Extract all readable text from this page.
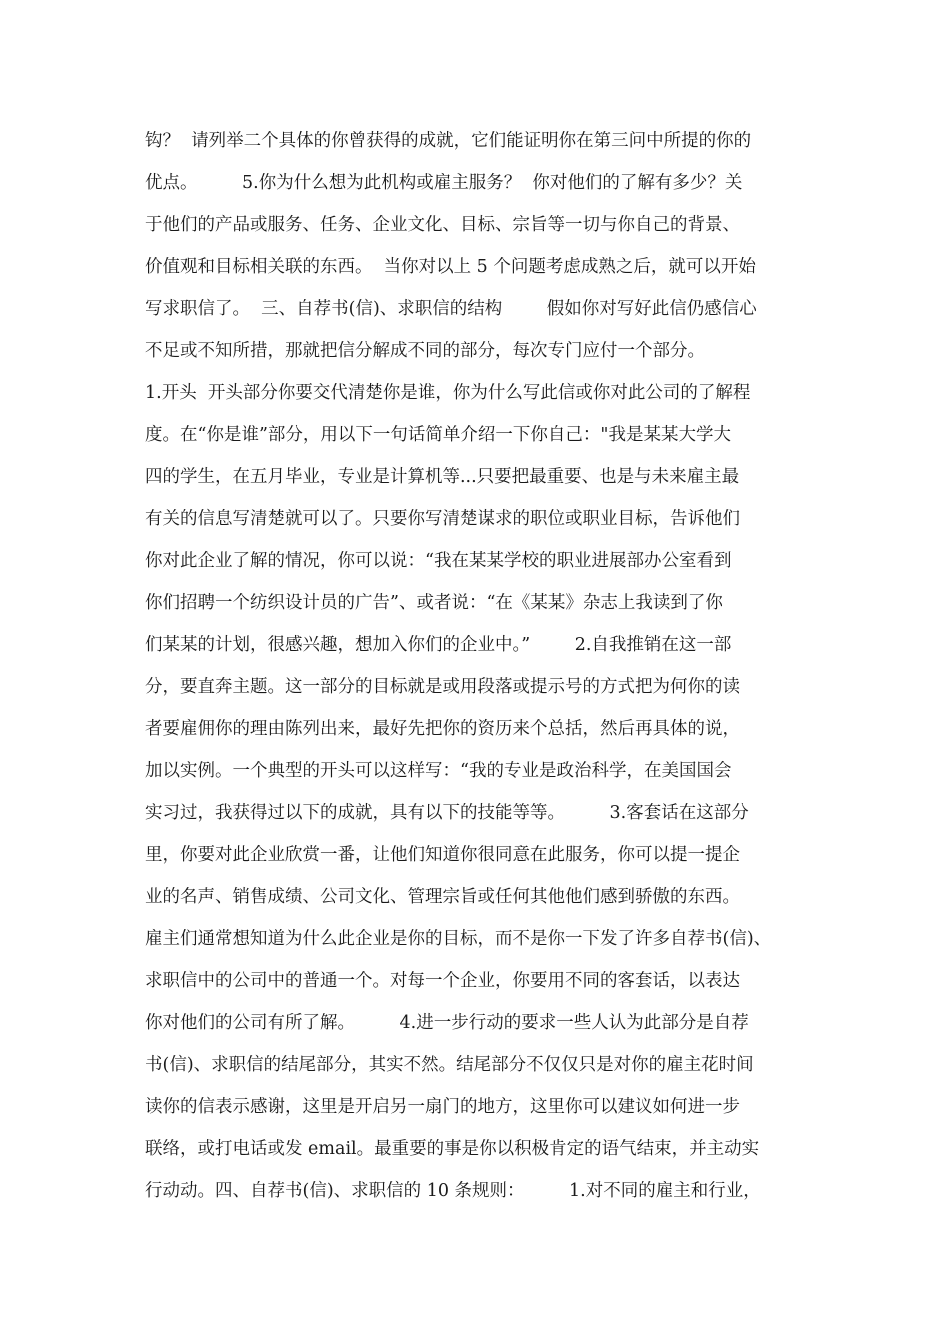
钩？  请列举二个具体的你曾获得的成就，它们能证明你在第三问中所提的你的
优点。        5.你为什么想为此机构或雇主服务？  你对他们的了解有多少？关
于他们的产品或服务、任务、企业文化、目标、宗旨等一切与你自己的背景、
价值观和目标相关联的东西。  当你对以上 5 个问题考虑成熟之后，就可以开始
写求职信了。  三、自荐书(信)、求职信的结构        假如你对写好此信仍感信心
不足或不知所措，那就把信分解成不同的部分，每次专门应付一个部分。
1.开头  开头部分你要交代清楚你是谁，你为什么写此信或你对此公司的了解程
度。在“你是谁”部分，用以下一句话简单介绍一下你自己："我是某某大学大
四的学生，在五月毕业，专业是计算机等...只要把最重要、也是与未来雇主最
有关的信息写清楚就可以了。只要你写清楚谋求的职位或职业目标，告诉他们
你对此企业了解的情况，你可以说：“我在某某学校的职业进展部办公室看到
你们招聘一个纺织设计员的广告”、或者说：“在《某某》杂志上我读到了你
们某某的计划，很感兴趣，想加入你们的企业中。”        2.自我推销在这一部
分，要直奔主题。这一部分的目标就是或用段落或提示号的方式把为何你的读
者要雇佣你的理由陈列出来，最好先把你的资历来个总括，然后再具体的说，
加以实例。一个典型的开头可以这样写：“我的专业是政治科学，在美国国会
实习过，我获得过以下的成就，具有以下的技能等等。        3.客套话在这部分
里，你要对此企业欣赏一番，让他们知道你很同意在此服务，你可以提一提企
业的名声、销售成绩、公司文化、管理宗旨或任何其他他们感到骄傲的东西。
雇主们通常想知道为什么此企业是你的目标，而不是你一下发了许多自荐书(信)、
求职信中的公司中的普通一个。对每一个企业，你要用不同的客套话，以表达
你对他们的公司有所了解。        4.进一步行动的要求一些人认为此部分是自荐
书(信)、求职信的结尾部分，其实不然。结尾部分不仅仅只是对你的雇主花时间
读你的信表示感谢，这里是开启另一扇门的地方，这里你可以建议如何进一步
联络，或打电话或发 email。最重要的事是你以积极肯定的语气结束，并主动实
行动动。四、自荐书(信)、求职信的 10 条规则：        1.对不同的雇主和行业，
